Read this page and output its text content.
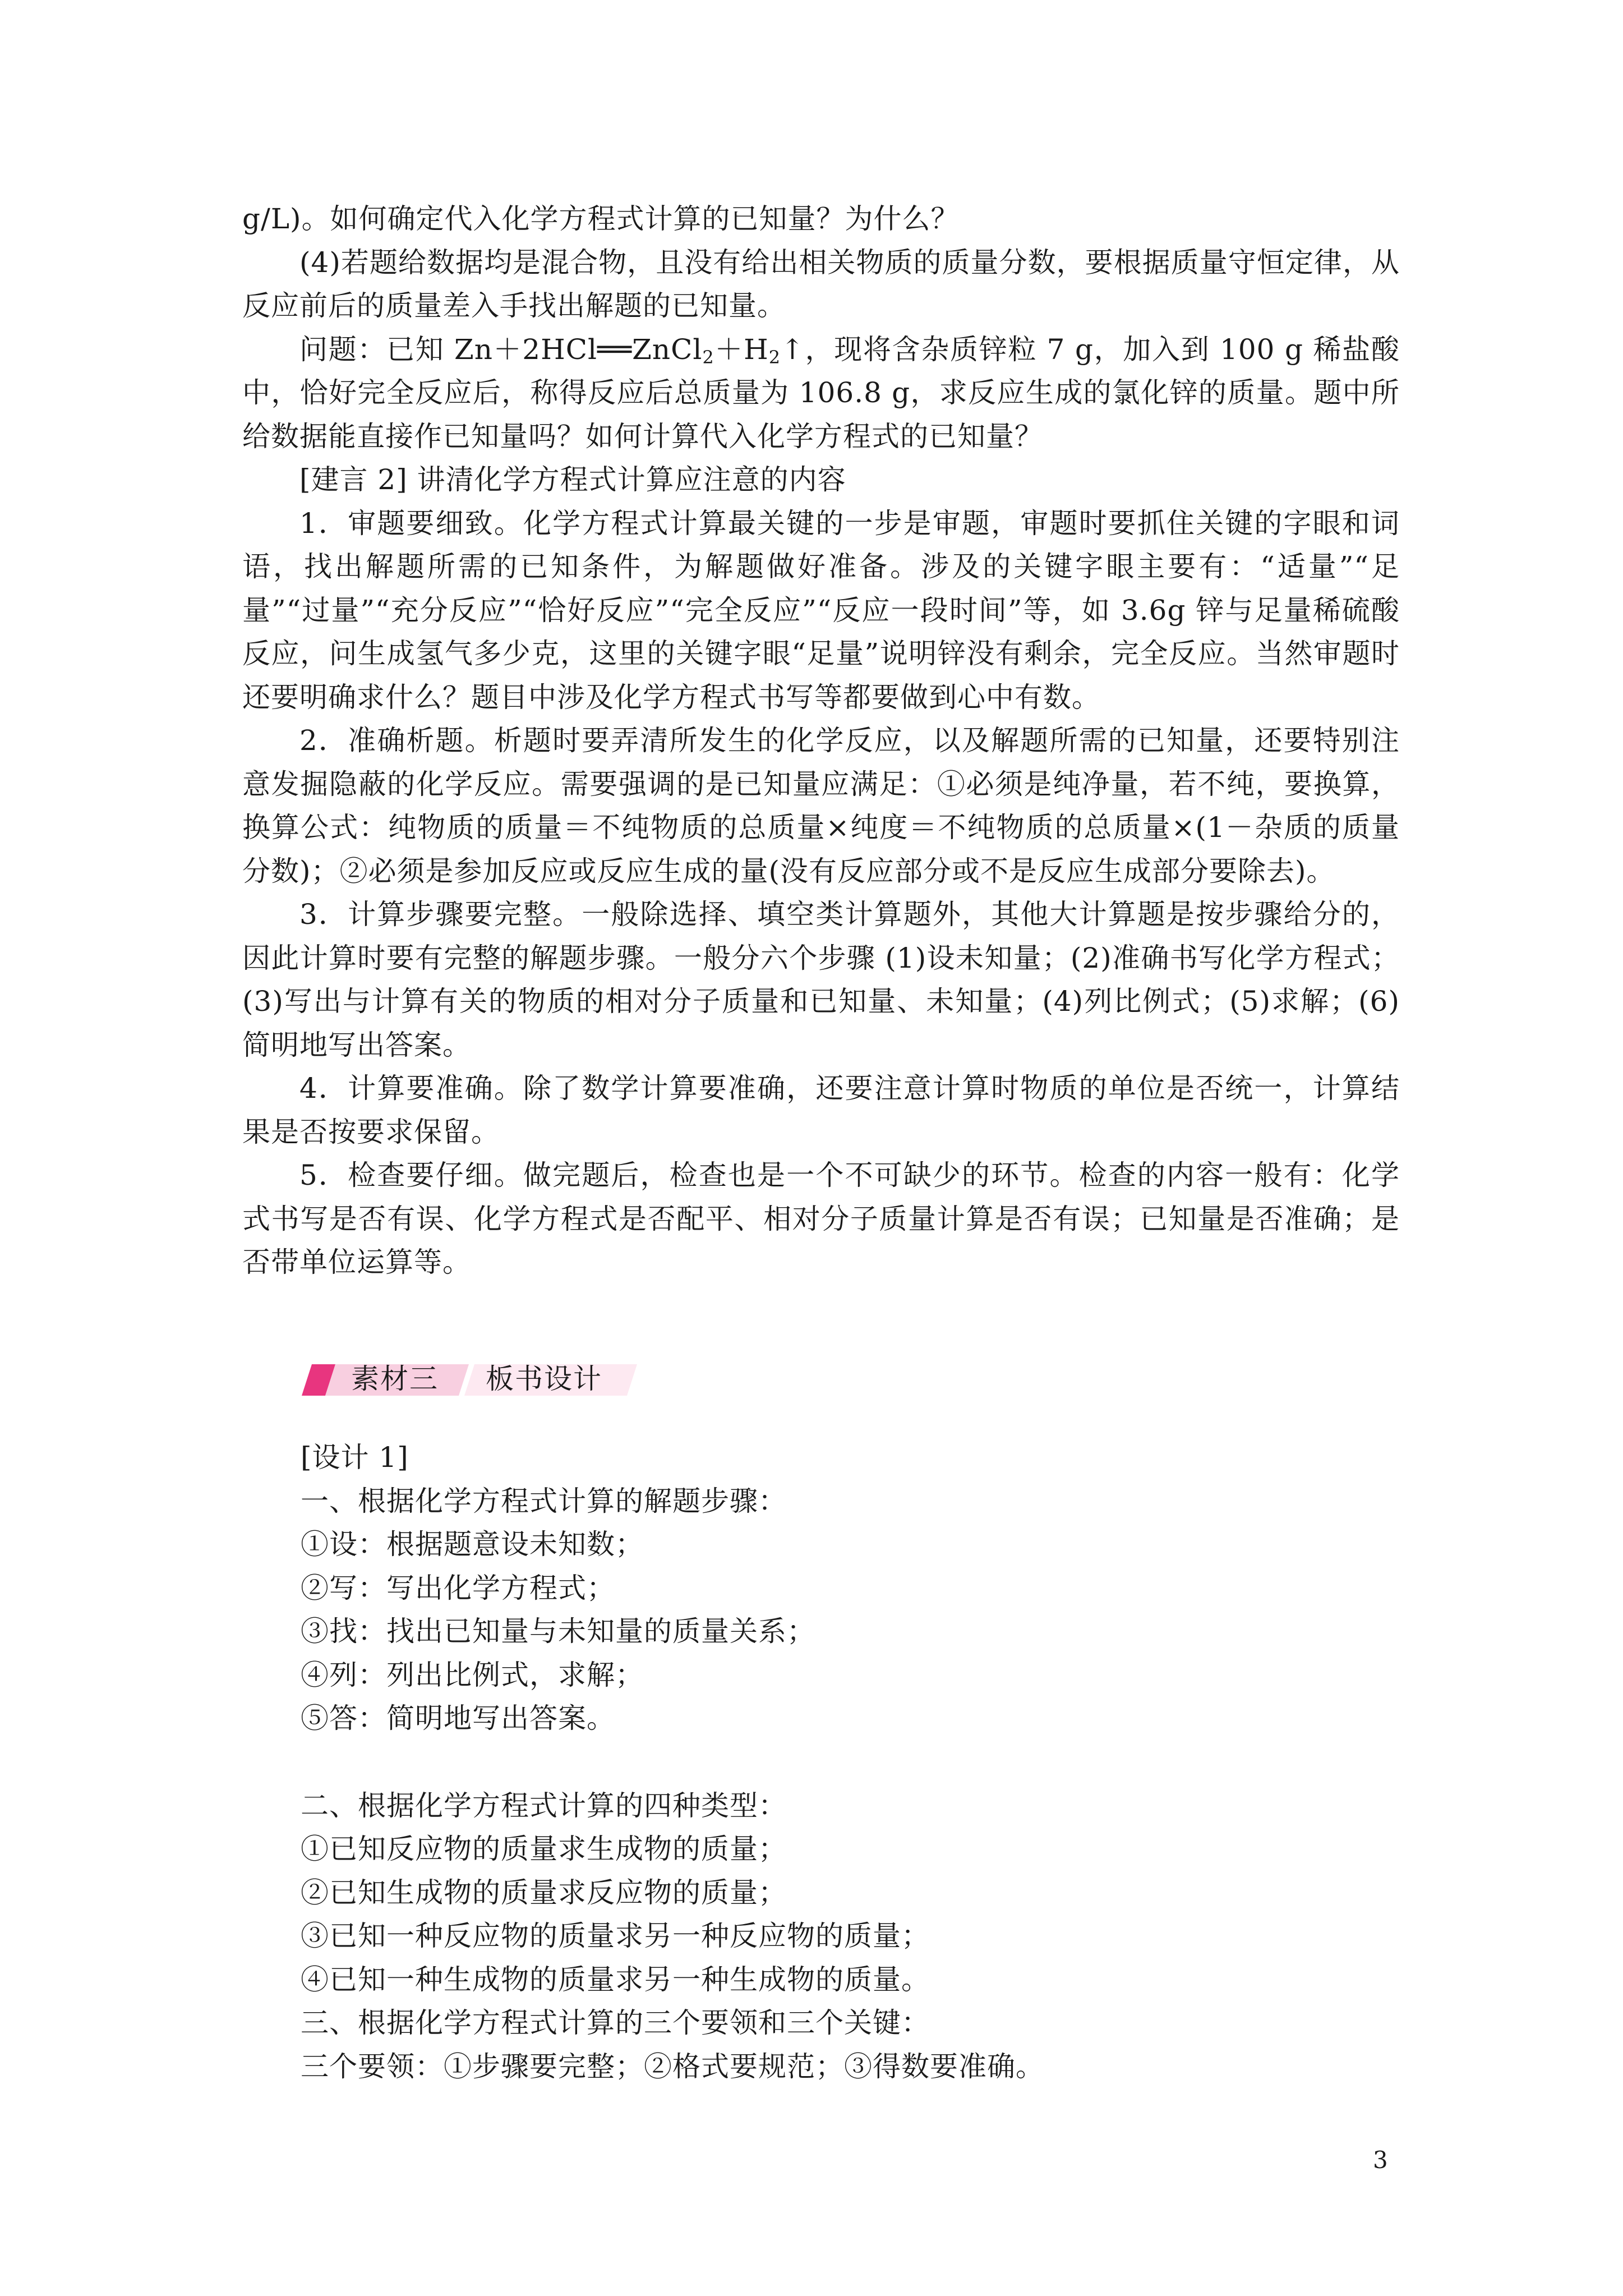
g/L)。如何确定代入化学方程式计算的已知量？为什么？

(4)若题给数据均是混合物，且没有给出相关物质的质量分数，要根据质量守恒定律，从反应前后的质量差入手找出解题的已知量。

问题：已知 $Zn+2HCl══ZnCl_2+H_2↑$，现将含杂质锌粒 7 g，加入到 100 g 稀盐酸中，恰好完全反应后，称得反应后总质量为 106.8 g，求反应生成的氯化锌的质量。题中所给数据能直接作已知量吗？如何计算代入化学方程式的已知量？

[建言 2] 讲清化学方程式计算应注意的内容

1．审题要细致。化学方程式计算最关键的一步是审题，审题时要抓住关键的字眼和词语，找出解题所需的已知条件，为解题做好准备。涉及的关键字眼主要有：“适量”“足量”“过量”“充分反应”“恰好反应”“完全反应”“反应一段时间”等，如 3.6g 锌与足量稀硫酸反应，问生成氢气多少克，这里的关键字眼“足量”说明锌没有剩余，完全反应。当然审题时还要明确求什么？题目中涉及化学方程式书写等都要做到心中有数。

2．准确析题。析题时要弄清所发生的化学反应，以及解题所需的已知量，还要特别注意发掘隐蔽的化学反应。需要强调的是已知量应满足：①必须是纯净量，若不纯，要换算，换算公式：纯物质的质量＝不纯物质的总质量×纯度＝不纯物质的总质量×(1－杂质的质量分数)；②必须是参加反应或反应生成的量(没有反应部分或不是反应生成部分要除去)。

3．计算步骤要完整。一般除选择、填空类计算题外，其他大计算题是按步骤给分的，因此计算时要有完整的解题步骤。一般分六个步骤 (1)设未知量；(2)准确书写化学方程式；(3)写出与计算有关的物质的相对分子质量和已知量、未知量；(4)列比例式；(5)求解；(6)简明地写出答案。

4．计算要准确。除了数学计算要准确，还要注意计算时物质的单位是否统一，计算结果是否按要求保留。

5．检查要仔细。做完题后，检查也是一个不可缺少的环节。检查的内容一般有：化学式书写是否有误、化学方程式是否配平、相对分子质量计算是否有误；已知量是否准确；是否带单位运算等。

素材三 板书设计

[设计 1]

一、根据化学方程式计算的解题步骤：

①设：根据题意设未知数；

②写：写出化学方程式；

③找：找出已知量与未知量的质量关系；

④列：列出比例式，求解；

⑤答：简明地写出答案。

二、根据化学方程式计算的四种类型：

①已知反应物的质量求生成物的质量；

②已知生成物的质量求反应物的质量；

③已知一种反应物的质量求另一种反应物的质量；

④已知一种生成物的质量求另一种生成物的质量。

三、根据化学方程式计算的三个要领和三个关键：

三个要领：①步骤要完整；②格式要规范；③得数要准确。

3
